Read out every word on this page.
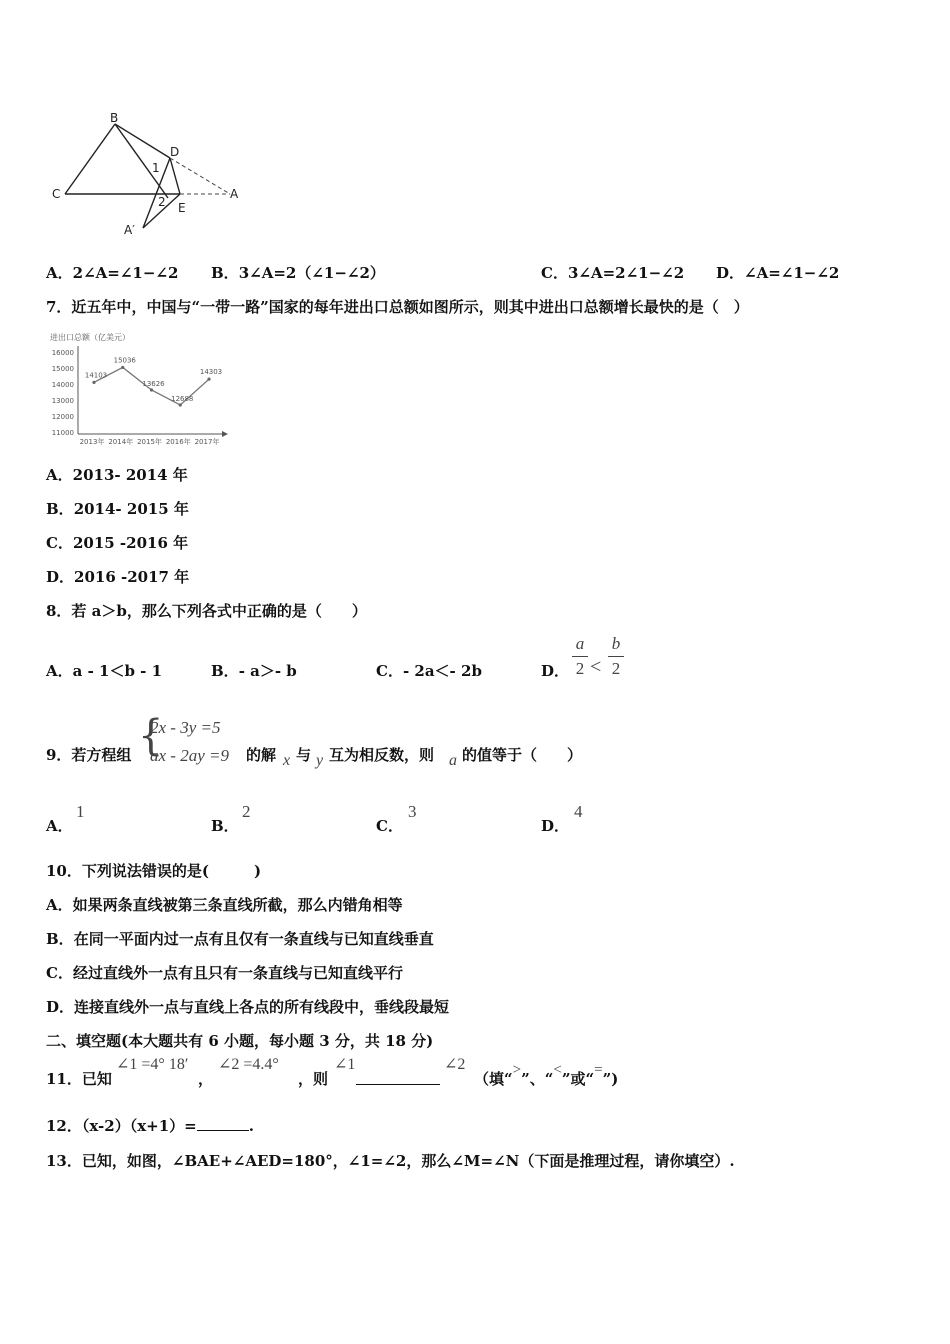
B
C
D
A
E
A′
1
2
A．2∠A=∠1−∠2 B．3∠A=2（∠1−∠2）	C．3∠A=2∠1−∠2 D．∠A=∠1−∠2
7．近五年中，中国与“一带一路”国家的每年进出口总额如图所示，则其中进出口总额增长最快的是（　）
进出口总额（亿美元）
16000
15000
14000
13000
12000
11000
2013年 2014年 2015年 2016年 2017年
14103
15036
13626
12688
14303
A．2013- 2014 年
B．2014- 2015 年
C．2015 -2016 年
D．2016 -2017 年
8．若 a＞b，那么下列各式中正确的是（　　）
A．a - 1＜b - 1	B．- a＞- b	C．- 2a＜- 2b	D．
a
2 <
b
2
9．若方程组 {
2x - 3y =5
ax - 2ay =9 的解 x 与 y 互为相反数，则 a 的值等于（　　）
A．
1
B．
2
C．
3
D．
4
10．下列说法错误的是(　　　)
A．如果两条直线被第三条直线所截，那么内错角相等
B．在同一平面内过一点有且仅有一条直线与已知直线垂直
C．经过直线外一点有且只有一条直线与已知直线平行
D．连接直线外一点与直线上各点的所有线段中，垂线段最短
二、填空题(本大题共有 6 小题，每小题 3 分，共 18 分)
11．已知
∠1 =4° 18′
，
∠2 =4.4°
，则
∠1	∠2
（填“>”、“<”或“=”)
12．（x-2）（x+1）=	.
13．已知，如图，∠BAE+∠AED=180°，∠1=∠2，那么∠M=∠N（下面是推理过程，请你填空）.
